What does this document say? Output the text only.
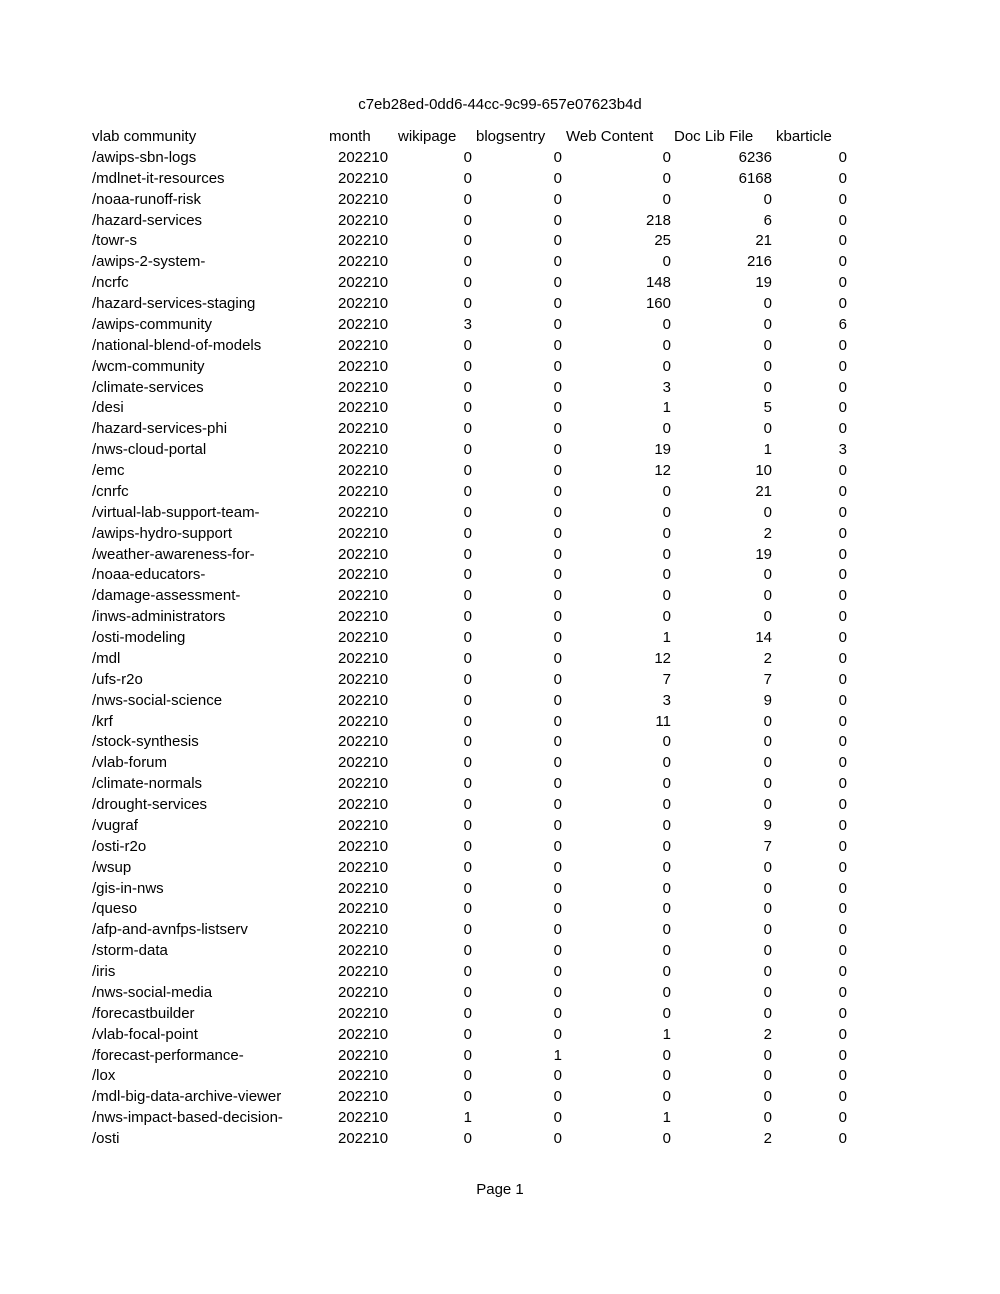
c7eb28ed-0dd6-44cc-9c99-657e07623b4d
vlab community	month	wikipage	blogsentry	Web Content	Doc Lib File	kbarticle
/awips-sbn-logs	202210	0	0	0	6236	0
/mdlnet-it-resources	202210	0	0	0	6168	0
/noaa-runoff-risk	202210	0	0	0	0	0
/hazard-services	202210	0	0	218	6	0
/towr-s	202210	0	0	25	21	0
/awips-2-system-	202210	0	0	0	216	0
/ncrfc	202210	0	0	148	19	0
/hazard-services-staging	202210	0	0	160	0	0
/awips-community	202210	3	0	0	0	6
/national-blend-of-models	202210	0	0	0	0	0
/wcm-community	202210	0	0	0	0	0
/climate-services	202210	0	0	3	0	0
/desi	202210	0	0	1	5	0
/hazard-services-phi	202210	0	0	0	0	0
/nws-cloud-portal	202210	0	0	19	1	3
/emc	202210	0	0	12	10	0
/cnrfc	202210	0	0	0	21	0
/virtual-lab-support-team-	202210	0	0	0	0	0
/awips-hydro-support	202210	0	0	0	2	0
/weather-awareness-for-	202210	0	0	0	19	0
/noaa-educators-	202210	0	0	0	0	0
/damage-assessment-	202210	0	0	0	0	0
/inws-administrators	202210	0	0	0	0	0
/osti-modeling	202210	0	0	1	14	0
/mdl	202210	0	0	12	2	0
/ufs-r2o	202210	0	0	7	7	0
/nws-social-science	202210	0	0	3	9	0
/krf	202210	0	0	11	0	0
/stock-synthesis	202210	0	0	0	0	0
/vlab-forum	202210	0	0	0	0	0
/climate-normals	202210	0	0	0	0	0
/drought-services	202210	0	0	0	0	0
/vugraf	202210	0	0	0	9	0
/osti-r2o	202210	0	0	0	7	0
/wsup	202210	0	0	0	0	0
/gis-in-nws	202210	0	0	0	0	0
/queso	202210	0	0	0	0	0
/afp-and-avnfps-listserv	202210	0	0	0	0	0
/storm-data	202210	0	0	0	0	0
/iris	202210	0	0	0	0	0
/nws-social-media	202210	0	0	0	0	0
/forecastbuilder	202210	0	0	0	0	0
/vlab-focal-point	202210	0	0	1	2	0
/forecast-performance-	202210	0	1	0	0	0
/lox	202210	0	0	0	0	0
/mdl-big-data-archive-viewer	202210	0	0	0	0	0
/nws-impact-based-decision-	202210	1	0	1	0	0
/osti	202210	0	0	0	2	0
Page 1
